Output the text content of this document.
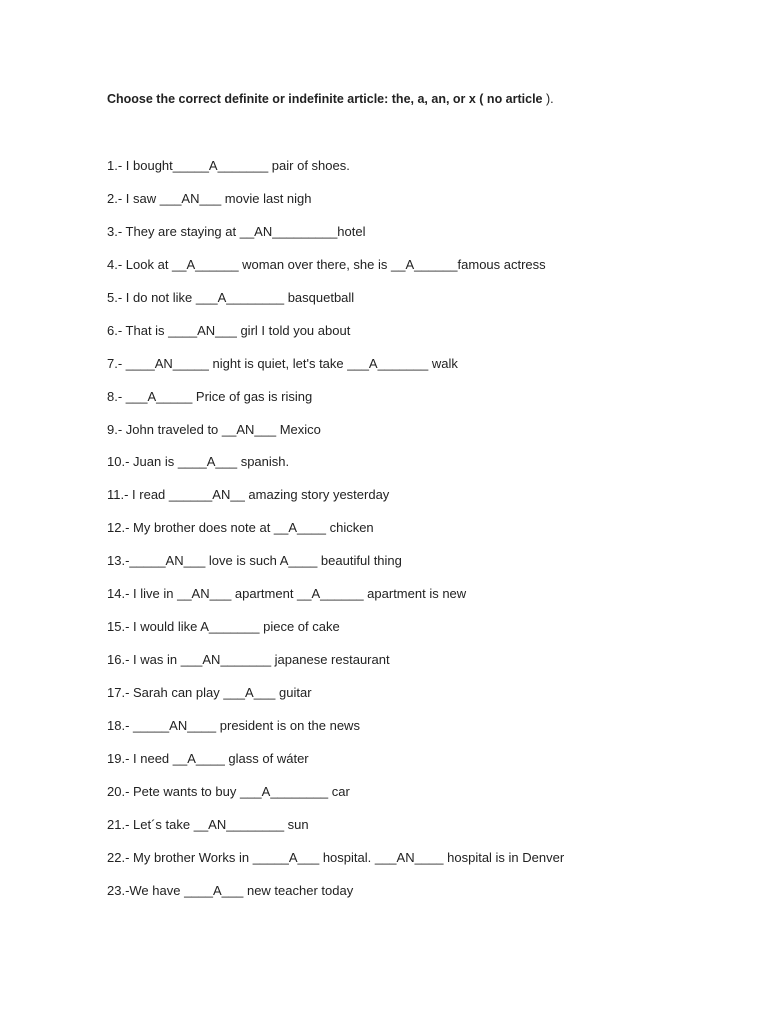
Choose the correct definite or indefinite article: the, a, an, or x ( no article ).
1.- I bought_____A_______ pair of shoes.
2.- I saw ___AN___ movie last nigh
3.- They are staying at __AN_________hotel
4.- Look at __A______ woman over there, she is __A______famous actress
5.- I do not like ___A________ basquetball
6.- That is ____AN___ girl I told you about
7.- ____AN_____ night is quiet, let's take ___A_______ walk
8.- ___A_____ Price of gas is rising
9.- John traveled to __AN___ Mexico
10.- Juan is ____A___ spanish.
11.- I read ______AN__ amazing story yesterday
12.- My brother does note at __A____ chicken
13.-_____AN___ love is such A____ beautiful thing
14.- I live in __AN___ apartment __A______ apartment is new
15.- I would like A_______ piece of cake
16.- I was in ___AN_______ japanese restaurant
17.- Sarah can play ___A___ guitar
18.- _____AN____ president is on the news
19.- I need __A____ glass of wáter
20.- Pete wants to buy ___A________ car
21.- Let´s take __AN________ sun
22.- My brother Works in _____A___ hospital. ___AN____ hospital is in Denver
23.-We have ____A___ new teacher today
